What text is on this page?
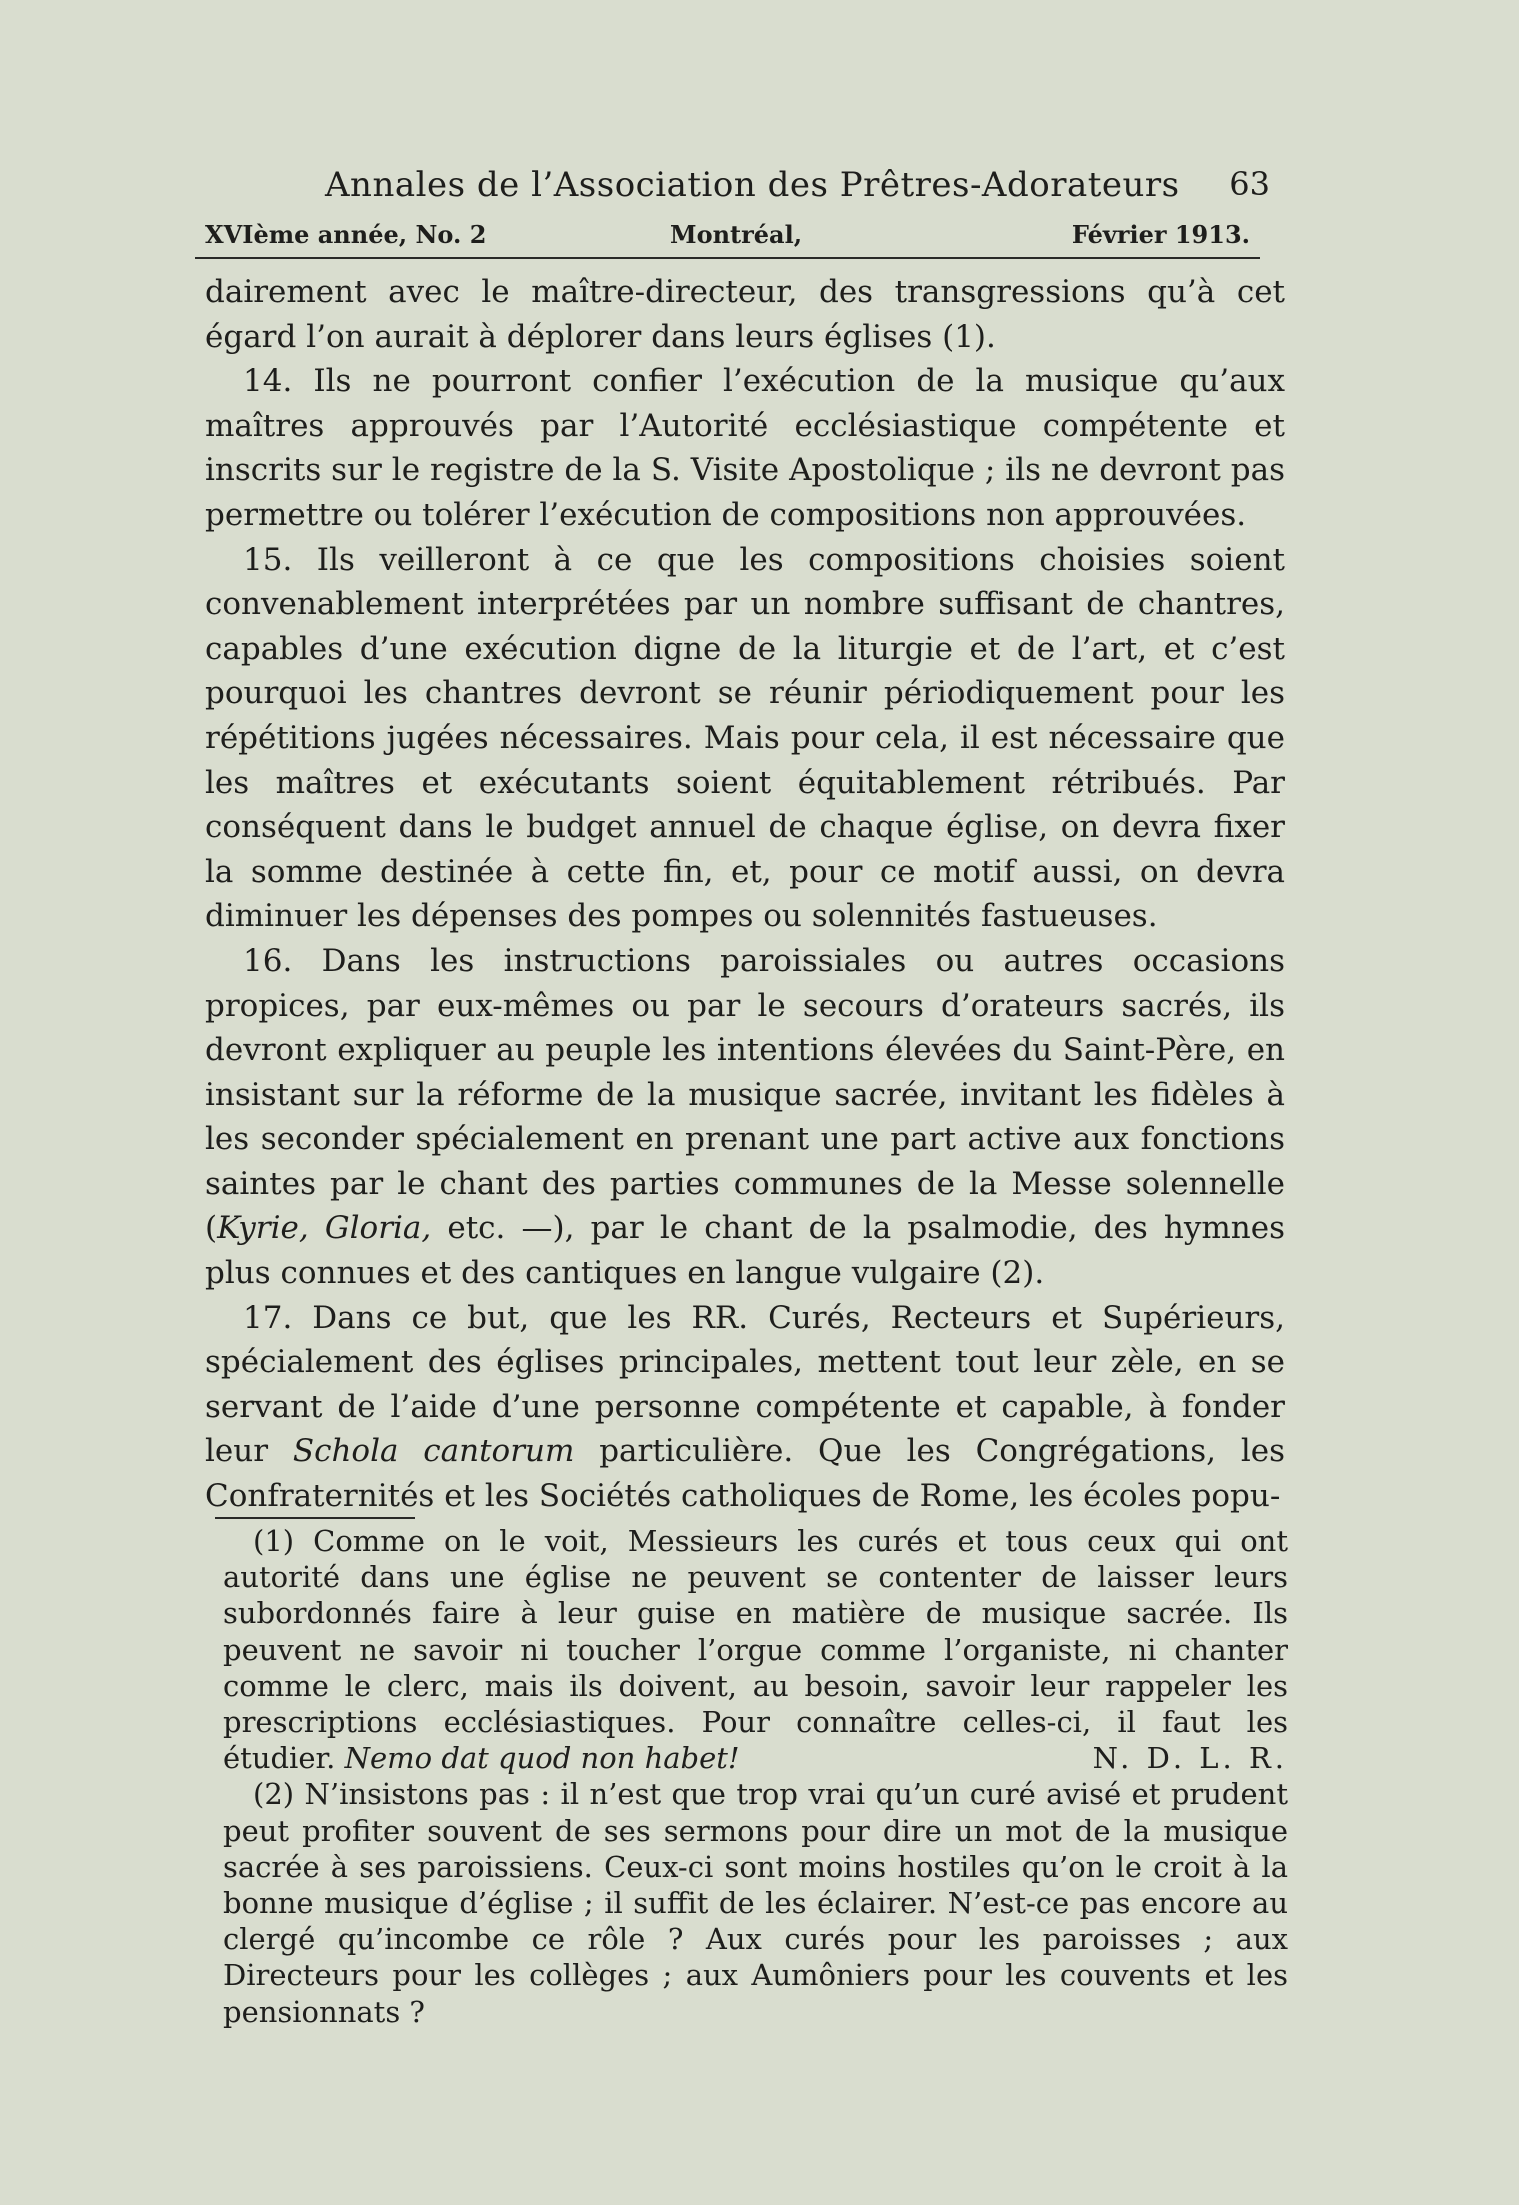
Annales de l’Association des Prêtres-Adorateurs 63
XVIème année, No. 2	Montréal,	Février 1913.

dairement avec le maître-directeur, des transgressions qu’à cet égard l’on aurait à déplorer dans leurs églises (1).

14. Ils ne pourront confier l’exécution de la musique qu’aux maîtres approuvés par l’Autorité ecclésiastique compétente et inscrits sur le registre de la S. Visite Apostolique ; ils ne devront pas permettre ou tolérer l’exécution de compositions non approuvées.

15. Ils veilleront à ce que les compositions choisies soient convenablement interprétées par un nombre suffisant de chantres, capables d’une exécution digne de la liturgie et de l’art, et c’est pourquoi les chantres devront se réunir périodiquement pour les répétitions jugées nécessaires. Mais pour cela, il est nécessaire que les maîtres et exécutants soient équitablement rétribués. Par conséquent dans le budget annuel de chaque église, on devra fixer la somme destinée à cette fin, et, pour ce motif aussi, on devra diminuer les dépenses des pompes ou solennités fastueuses.

16. Dans les instructions paroissiales ou autres occasions propices, par eux-mêmes ou par le secours d’orateurs sacrés, ils devront expliquer au peuple les intentions élevées du Saint-Père, en insistant sur la réforme de la musique sacrée, invitant les fidèles à les seconder spécialement en prenant une part active aux fonctions saintes par le chant des parties communes de la Messe solennelle (Kyrie, Gloria, etc. —), par le chant de la psalmodie, des hymnes plus connues et des cantiques en langue vulgaire (2).

17. Dans ce but, que les RR. Curés, Recteurs et Supérieurs, spécialement des églises principales, mettent tout leur zèle, en se servant de l’aide d’une personne compétente et capable, à fonder leur Schola cantorum particulière. Que les Congrégations, les Confraternités et les Sociétés catholiques de Rome, les écoles popu-

(1) Comme on le voit, Messieurs les curés et tous ceux qui ont autorité dans une église ne peuvent se contenter de laisser leurs subordonnés faire à leur guise en matière de musique sacrée. Ils peuvent ne savoir ni toucher l’orgue comme l’organiste, ni chanter comme le clerc, mais ils doivent, au besoin, savoir leur rappeler les prescriptions ecclésiastiques. Pour connaître celles-ci, il faut les étudier. Nemo dat quod non habet!	N. D. L. R.

(2) N’insistons pas : il n’est que trop vrai qu’un curé avisé et prudent peut profiter souvent de ses sermons pour dire un mot de la musique sacrée à ses paroissiens. Ceux-ci sont moins hostiles qu’on le croit à la bonne musique d’église ; il suffit de les éclairer. N’est-ce pas encore au clergé qu’incombe ce rôle ? Aux curés pour les paroisses ; aux Directeurs pour les collèges ; aux Aumôniers pour les couvents et les pensionnats ?
